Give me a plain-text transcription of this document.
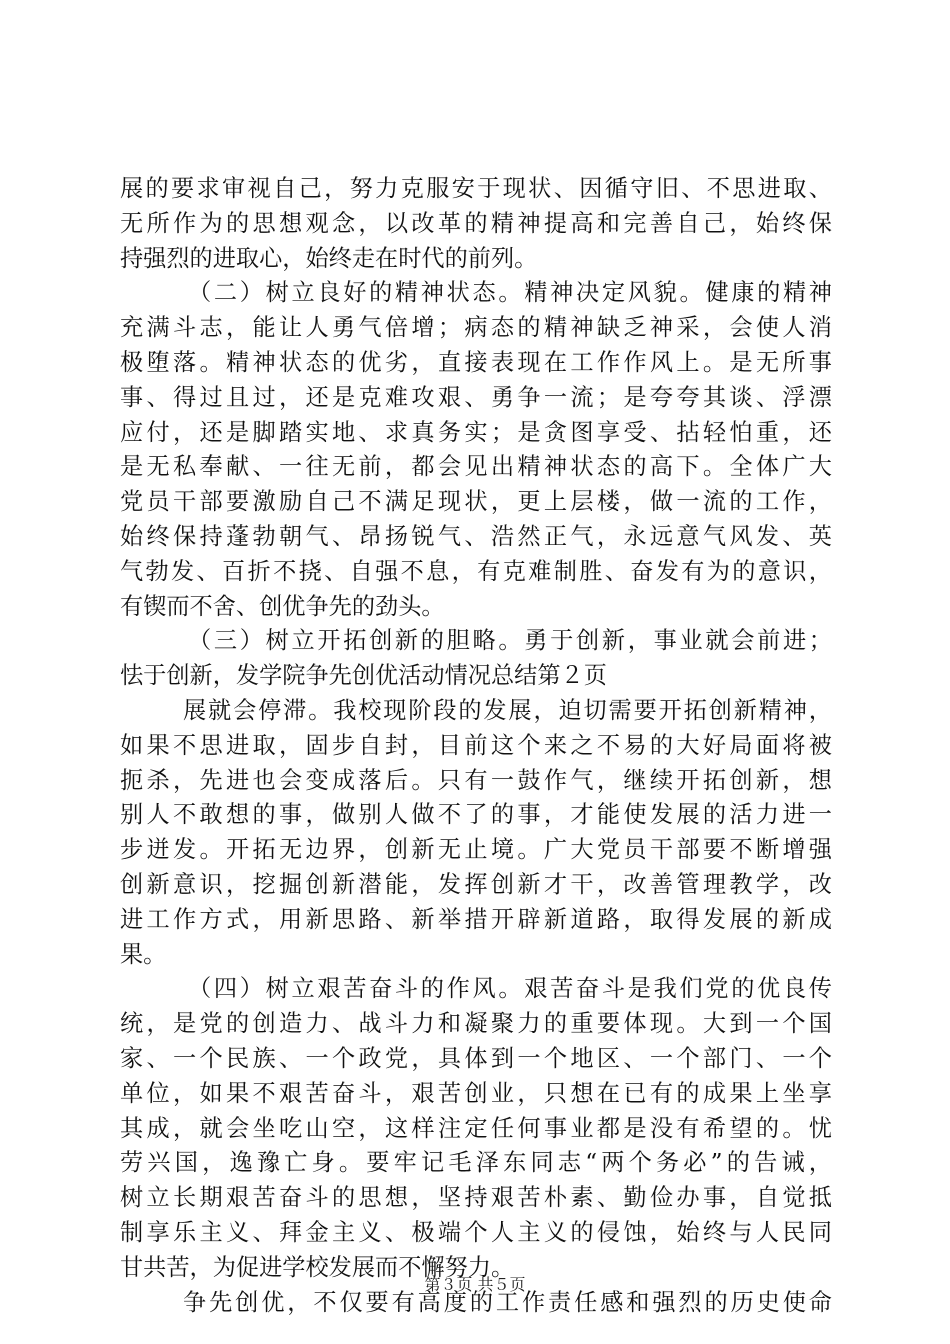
展的要求审视自己，努力克服安于现状、因循守旧、不思进取、
无所作为的思想观念，以改革的精神提高和完善自己，始终保
持强烈的进取心，始终走在时代的前列。
（二）树立良好的精神状态。精神决定风貌。健康的精神
充满斗志，能让人勇气倍增；病态的精神缺乏神采，会使人消
极堕落。精神状态的优劣，直接表现在工作作风上。是无所事
事、得过且过，还是克难攻艰、勇争一流；是夸夸其谈、浮漂
应付，还是脚踏实地、求真务实；是贪图享受、拈轻怕重，还
是无私奉献、一往无前，都会见出精神状态的高下。全体广大
党员干部要激励自己不满足现状，更上层楼，做一流的工作，
始终保持蓬勃朝气、昂扬锐气、浩然正气，永远意气风发、英
气勃发、百折不挠、自强不息，有克难制胜、奋发有为的意识，
有锲而不舍、创优争先的劲头。
（三）树立开拓创新的胆略。勇于创新，事业就会前进；
怯于创新，发学院争先创优活动情况总结第２页
展就会停滞。我校现阶段的发展，迫切需要开拓创新精神，
如果不思进取，固步自封，目前这个来之不易的大好局面将被
扼杀，先进也会变成落后。只有一鼓作气，继续开拓创新，想
别人不敢想的事，做别人做不了的事，才能使发展的活力进一
步迸发。开拓无边界，创新无止境。广大党员干部要不断增强
创新意识，挖掘创新潜能，发挥创新才干，改善管理教学，改
进工作方式，用新思路、新举措开辟新道路，取得发展的新成
果。
（四）树立艰苦奋斗的作风。艰苦奋斗是我们党的优良传
统，是党的创造力、战斗力和凝聚力的重要体现。大到一个国
家、一个民族、一个政党，具体到一个地区、一个部门、一个
单位，如果不艰苦奋斗，艰苦创业，只想在已有的成果上坐享
其成，就会坐吃山空，这样注定任何事业都是没有希望的。忧
劳兴国，逸豫亡身。要牢记毛泽东同志“两个务必”的告诫，
树立长期艰苦奋斗的思想，坚持艰苦朴素、勤俭办事，自觉抵
制享乐主义、拜金主义、极端个人主义的侵蚀，始终与人民同
甘共苦，为促进学校发展而不懈努力。
争先创优，不仅要有高度的工作责任感和强烈的历史使命
第３页 共５页
